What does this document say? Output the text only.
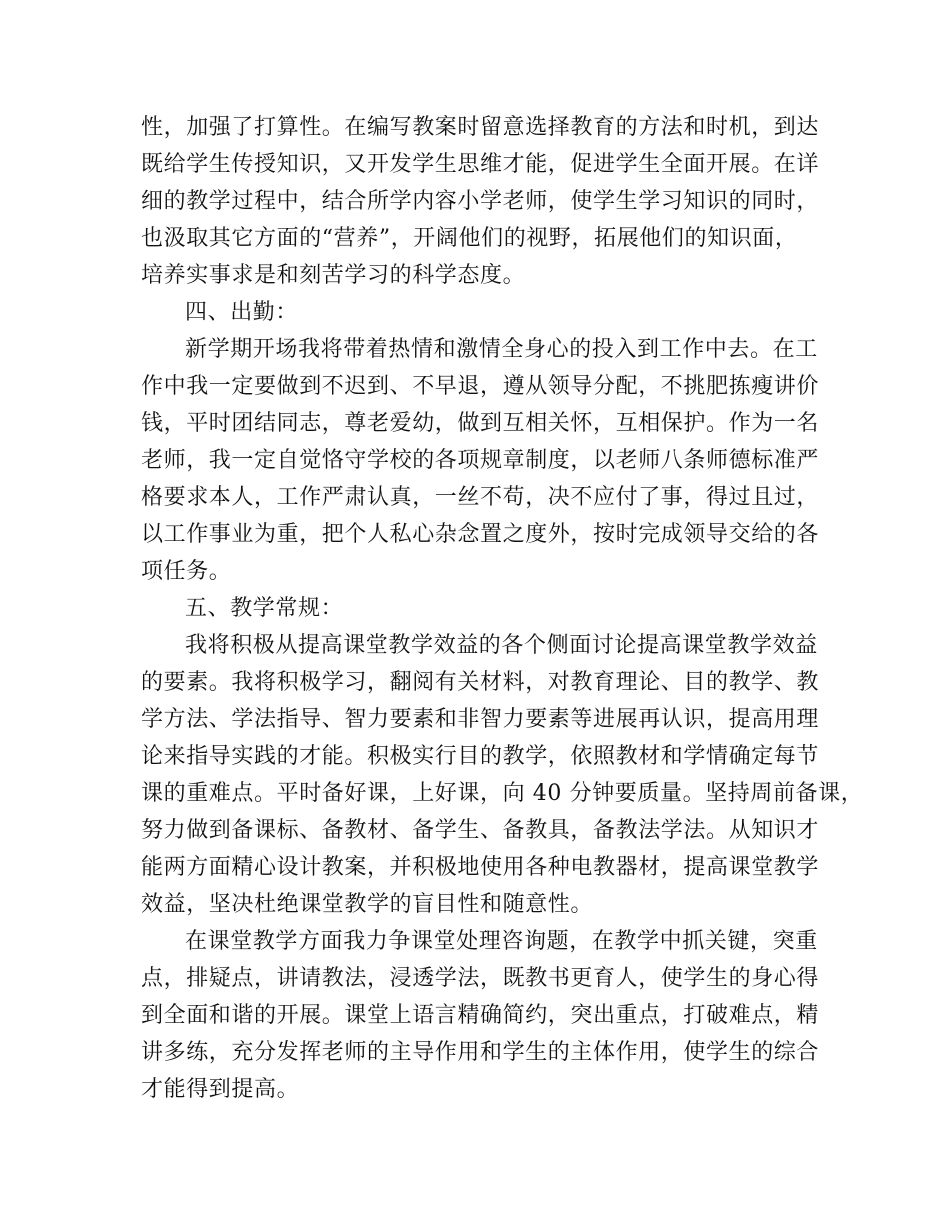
性，加强了打算性。在编写教案时留意选择教育的方法和时机，到达
既给学生传授知识，又开发学生思维才能，促进学生全面开展。在详
细的教学过程中，结合所学内容小学老师，使学生学习知识的同时，
也汲取其它方面的“营养”，开阔他们的视野，拓展他们的知识面，
培养实事求是和刻苦学习的科学态度。
四、出勤：
新学期开场我将带着热情和激情全身心的投入到工作中去。在工
作中我一定要做到不迟到、不早退，遵从领导分配，不挑肥拣瘦讲价
钱，平时团结同志，尊老爱幼，做到互相关怀，互相保护。作为一名
老师，我一定自觉恪守学校的各项规章制度，以老师八条师德标准严
格要求本人，工作严肃认真，一丝不苟，决不应付了事，得过且过，
以工作事业为重，把个人私心杂念置之度外，按时完成领导交给的各
项任务。
五、教学常规：
我将积极从提高课堂教学效益的各个侧面讨论提高课堂教学效益
的要素。我将积极学习，翻阅有关材料，对教育理论、目的教学、教
学方法、学法指导、智力要素和非智力要素等进展再认识，提高用理
论来指导实践的才能。积极实行目的教学，依照教材和学情确定每节
课的重难点。平时备好课，上好课，向 40 分钟要质量。坚持周前备课，
努力做到备课标、备教材、备学生、备教具，备教法学法。从知识才
能两方面精心设计教案，并积极地使用各种电教器材，提高课堂教学
效益，坚决杜绝课堂教学的盲目性和随意性。
在课堂教学方面我力争课堂处理咨询题，在教学中抓关键，突重
点，排疑点，讲请教法，浸透学法，既教书更育人，使学生的身心得
到全面和谐的开展。课堂上语言精确简约，突出重点，打破难点，精
讲多练，充分发挥老师的主导作用和学生的主体作用，使学生的综合
才能得到提高。
